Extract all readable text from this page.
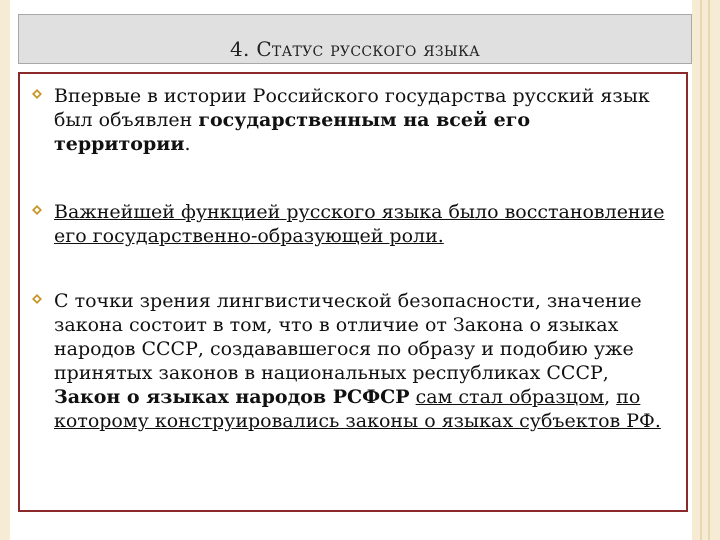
4. Статус русского языка
Впервые в истории Российского государства русский язык был объявлен государственным на всей его территории.
Важнейшей функцией русского языка было восстановление его государственно-образующей роли.
С точки зрения лингвистической безопасности, значение закона состоит в том, что в отличие от Закона о языках народов СССР, создававшегося по образу и подобию уже принятых законов в национальных республиках СССР, Закон о языках народов РСФСР сам стал образцом, по которому конструировались законы о языках субъектов РФ.
